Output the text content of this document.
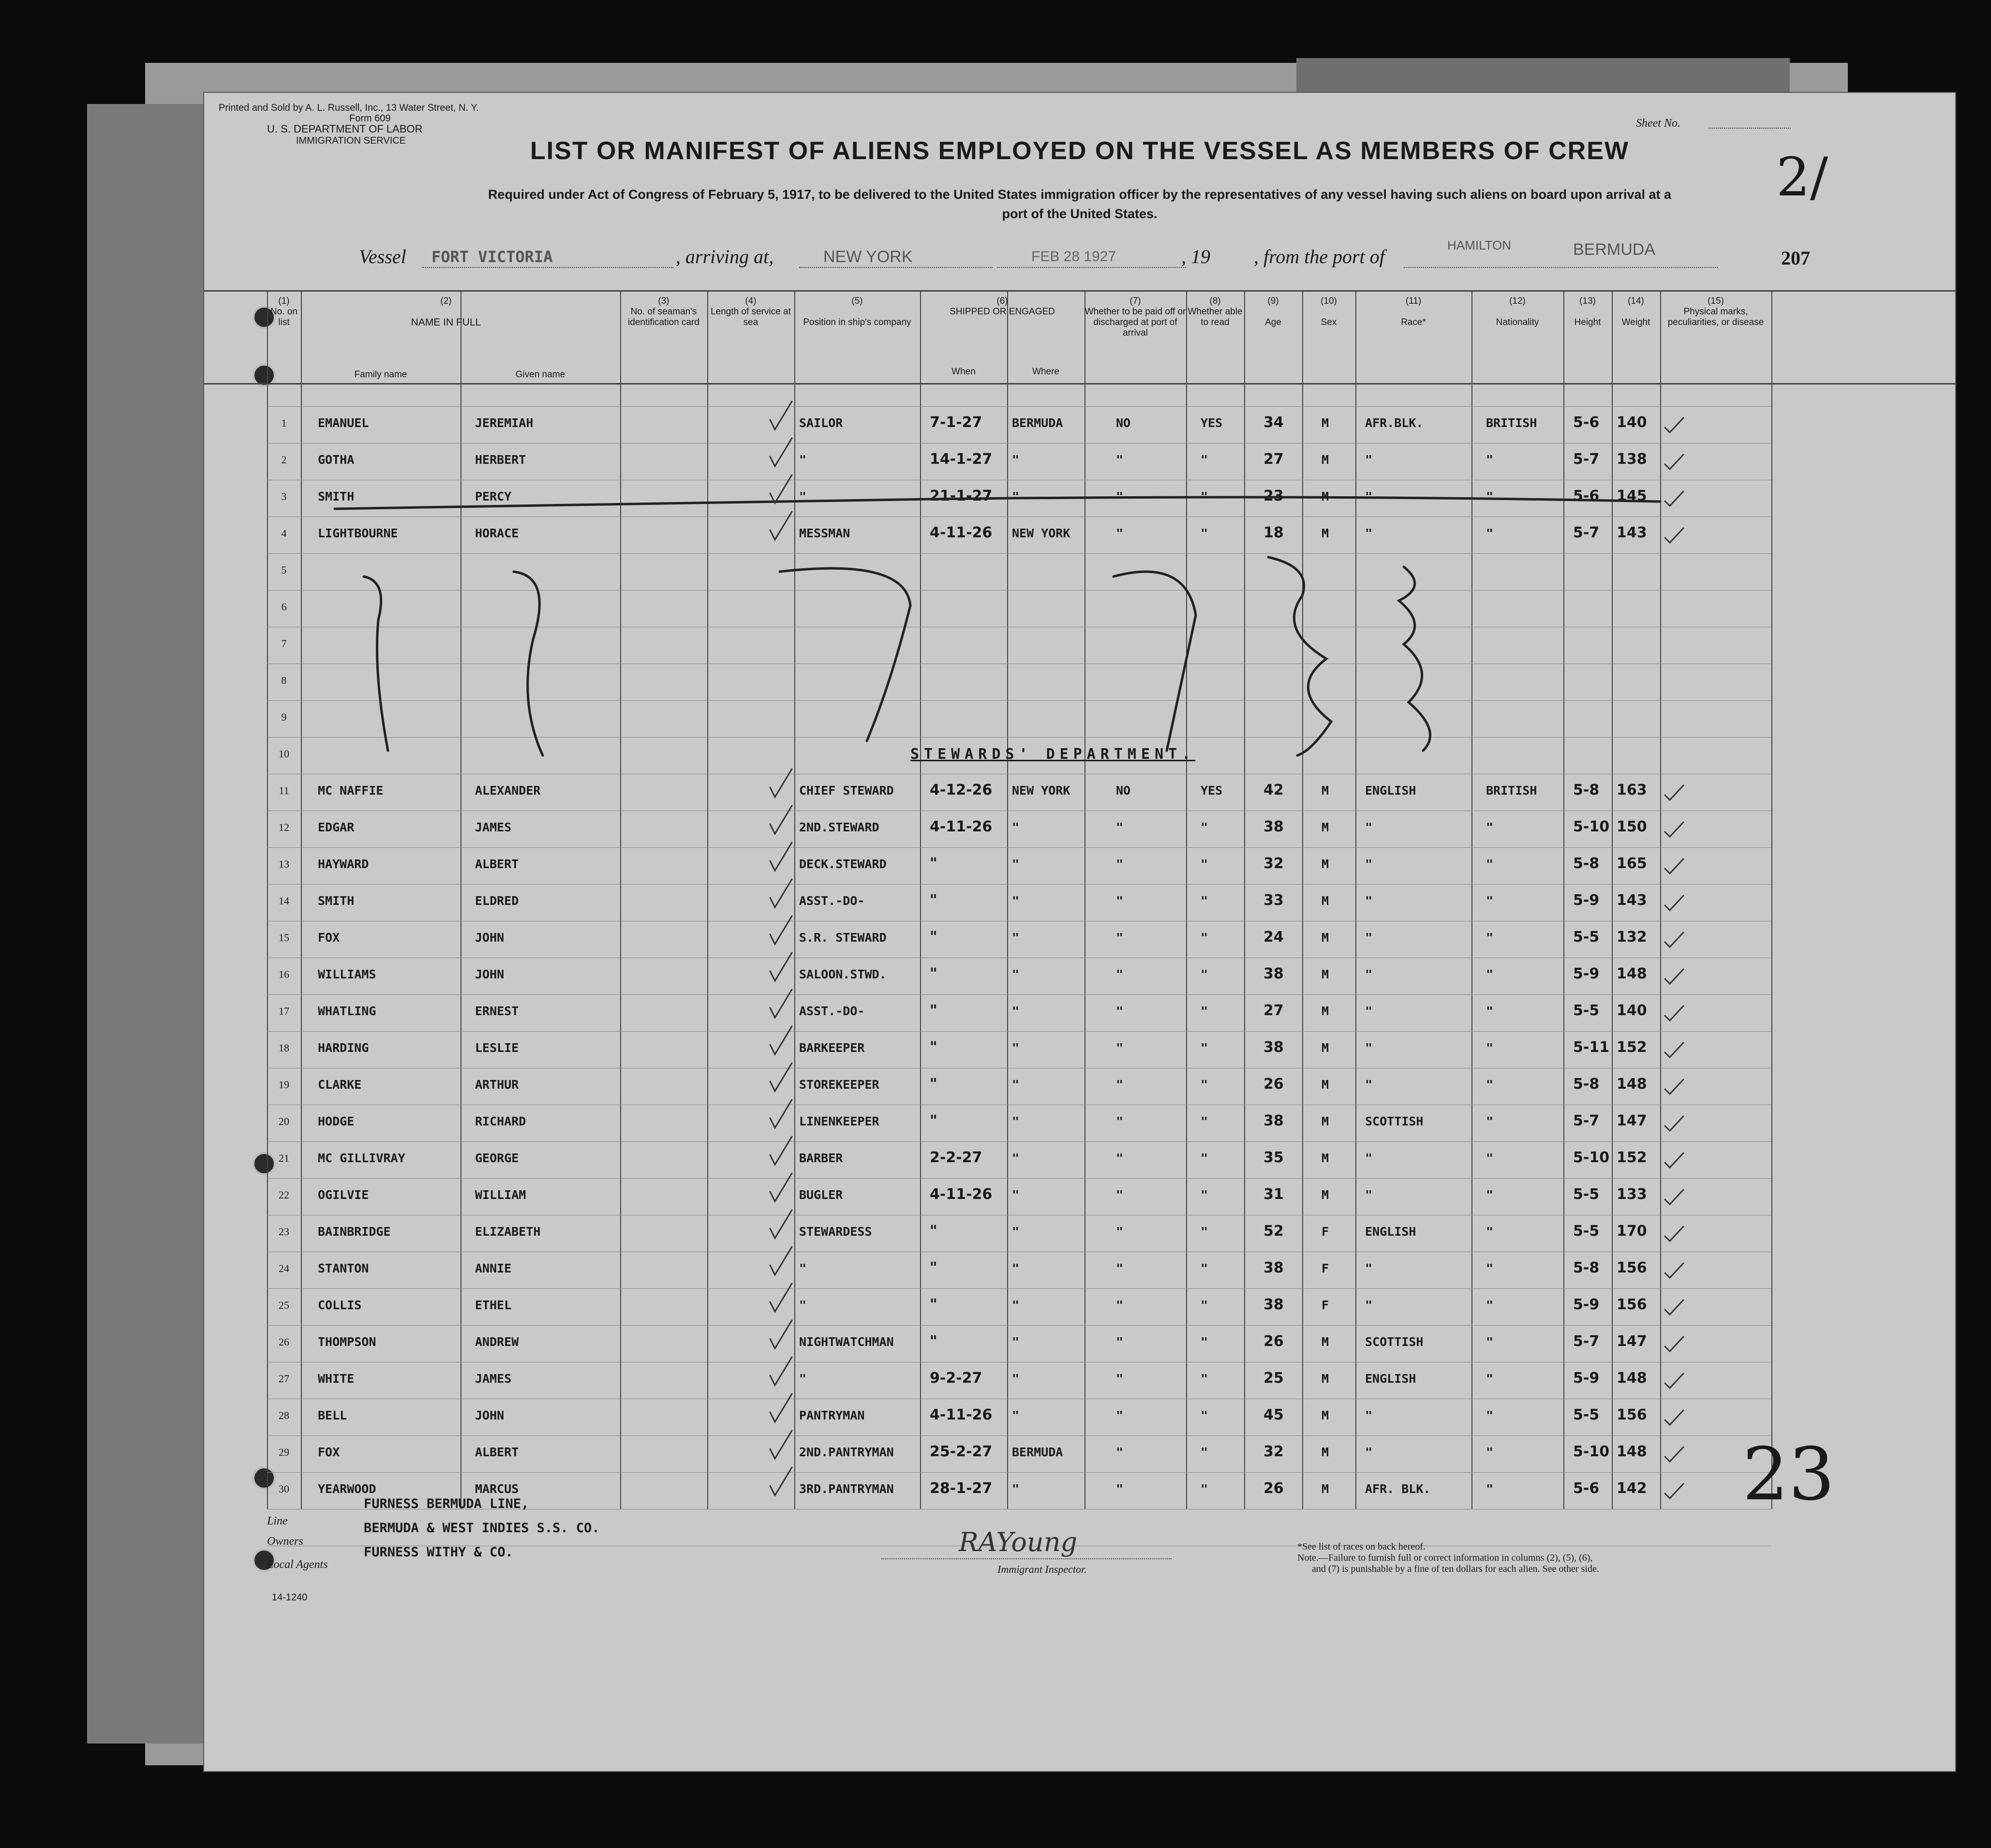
Printed and Sold by A. L. Russell, Inc., 13 Water Street, N. Y.
Form 609
U. S. DEPARTMENT OF LABOR
IMMIGRATION SERVICE
Sheet No.
LIST OR MANIFEST OF ALIENS EMPLOYED ON THE VESSEL AS MEMBERS OF CREW
Required under Act of Congress of February 5, 1917, to be delivered to the United States immigration officer by the representatives of any vessel having such aliens on board upon arrival at a
port of the United States.
2/
Vessel FORT VICTORIA	, arriving at,	NEW YORK	FEB 28 1927	, 19 , from the port of
HAMILTON	BERMUDA	207
(1)
No. on list
(2)

NAME IN FULL
Family name	Given name
(3)
No. of seaman's identification card
(4)
Length of service at sea
(5)

Position in ship's company
(6)
SHIPPED OR ENGAGED
When	Where
(7)
Whether to be paid off or discharged at port of arrival
(8)
Whether able to read
(9)

Age
(10)

Sex
(11)

Race*
(12)

Nationality
(13)

Height
(14)

Weight
(15)
Physical marks, peculiarities, or disease
1	EMANUEL	JEREMIAH	SAILOR	7-1-27 BERMUDA	NO	YES	34	M	AFR.BLK.	BRITISH 5-6 140
2	GOTHA	HERBERT	"	14-1-27 "	"	"	27	M	"	"	5-7 138
3	SMITH	PERCY	"	21-1-27 "	"	"	23	M	"	"	5-6 145
4	LIGHTBOURNE	HORACE	MESSMAN	4-11-26 NEW YORK	"	"	18	M	"	"	5-7 143
5
6
7
8
9
10
11	MC NAFFIE	ALEXANDER	CHIEF STEWARD 4-12-26 NEW YORK	NO	YES	42	M	ENGLISH	BRITISH 5-8 163
12	EDGAR	JAMES	2ND.STEWARD	4-11-26 "	"	"	38	M	"	"	5-10 150
13	HAYWARD	ALBERT	DECK.STEWARD	"	"	"	"	32	M	"	"	5-8 165
14	SMITH	ELDRED	ASST.-DO-	"	"	"	"	33	M	"	"	5-9 143
15	FOX	JOHN	S.R. STEWARD	"	"	"	"	24	M	"	"	5-5 132
16	WILLIAMS	JOHN	SALOON.STWD.	"	"	"	"	38	M	"	"	5-9 148
17	WHATLING	ERNEST	ASST.-DO-	"	"	"	"	27	M	"	"	5-5 140
18	HARDING	LESLIE	BARKEEPER	"	"	"	"	38	M	"	"	5-11 152
19	CLARKE	ARTHUR	STOREKEEPER	"	"	"	"	26	M	"	"	5-8 148
20	HODGE	RICHARD	LINENKEEPER	"	"	"	"	38	M	SCOTTISH	"	5-7 147
21	MC GILLIVRAY	GEORGE	BARBER	2-2-27 "	"	"	35	M	"	"	5-10 152
22	OGILVIE	WILLIAM	BUGLER	4-11-26 "	"	"	31	M	"	"	5-5 133
23	BAINBRIDGE	ELIZABETH	STEWARDESS	"	"	"	"	52	F	ENGLISH	"	5-5 170
24	STANTON	ANNIE	"	"	"	"	"	38	F	"	"	5-8 156
25	COLLIS	ETHEL	"	"	"	"	"	38	F	"	"	5-9 156
26	THOMPSON	ANDREW	NIGHTWATCHMAN "	"	"	"	26	M	SCOTTISH	"	5-7 147
27	WHITE	JAMES	"	9-2-27 "	"	"	25	M	ENGLISH	"	5-9 148
28	BELL	JOHN	PANTRYMAN	4-11-26 "	"	"	45	M	"	"	5-5 156
29	FOX	ALBERT	2ND.PANTRYMAN 25-2-27 BERMUDA	"	"	32	M	"	"	5-10 148
30	YEARWOOD	MARCUS	3RD.PANTRYMAN 28-1-27 "	"	"	26	M	AFR. BLK.	"	5-6 142
STEWARDS' DEPARTMENT.
23
Line
FURNESS BERMUDA LINE,
Owners
BERMUDA & WEST INDIES S.S. CO.
Local Agents
FURNESS WITHY & CO.
14-1240
RAYoung
Immigrant Inspector.
*See list of races on back hereof.
Note.—Failure to furnish full or correct information in columns (2), (5), (6),
and (7) is punishable by a fine of ten dollars for each alien. See other side.
